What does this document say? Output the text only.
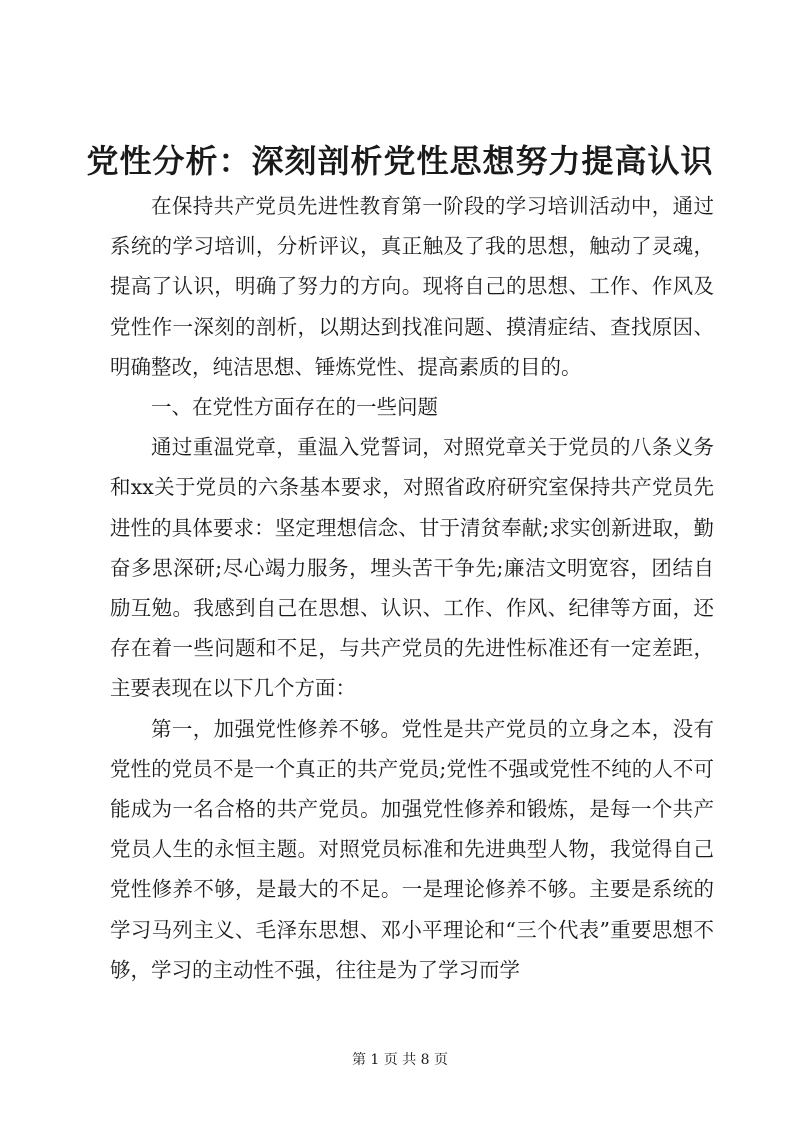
党性分析：深刻剖析党性思想努力提高认识

在保持共产党员先进性教育第一阶段的学习培训活动中，通过系统的学习培训，分析评议，真正触及了我的思想，触动了灵魂，提高了认识，明确了努力的方向。现将自己的思想、工作、作风及党性作一深刻的剖析，以期达到找准问题、摸清症结、查找原因、明确整改，纯洁思想、锤炼党性、提高素质的目的。

一、在党性方面存在的一些问题

通过重温党章，重温入党誓词，对照党章关于党员的八条义务和xx关于党员的六条基本要求，对照省政府研究室保持共产党员先进性的具体要求：坚定理想信念、甘于清贫奉献;求实创新进取，勤奋多思深研;尽心竭力服务，埋头苦干争先;廉洁文明宽容，团结自励互勉。我感到自己在思想、认识、工作、作风、纪律等方面，还存在着一些问题和不足，与共产党员的先进性标准还有一定差距，主要表现在以下几个方面：

第一，加强党性修养不够。党性是共产党员的立身之本，没有党性的党员不是一个真正的共产党员;党性不强或党性不纯的人不可能成为一名合格的共产党员。加强党性修养和锻炼，是每一个共产党员人生的永恒主题。对照党员标准和先进典型人物，我觉得自己党性修养不够，是最大的不足。一是理论修养不够。主要是系统的学习马列主义、毛泽东思想、邓小平理论和“三个代表”重要思想不够，学习的主动性不强，往往是为了学习而学

第 1 页 共 8 页
